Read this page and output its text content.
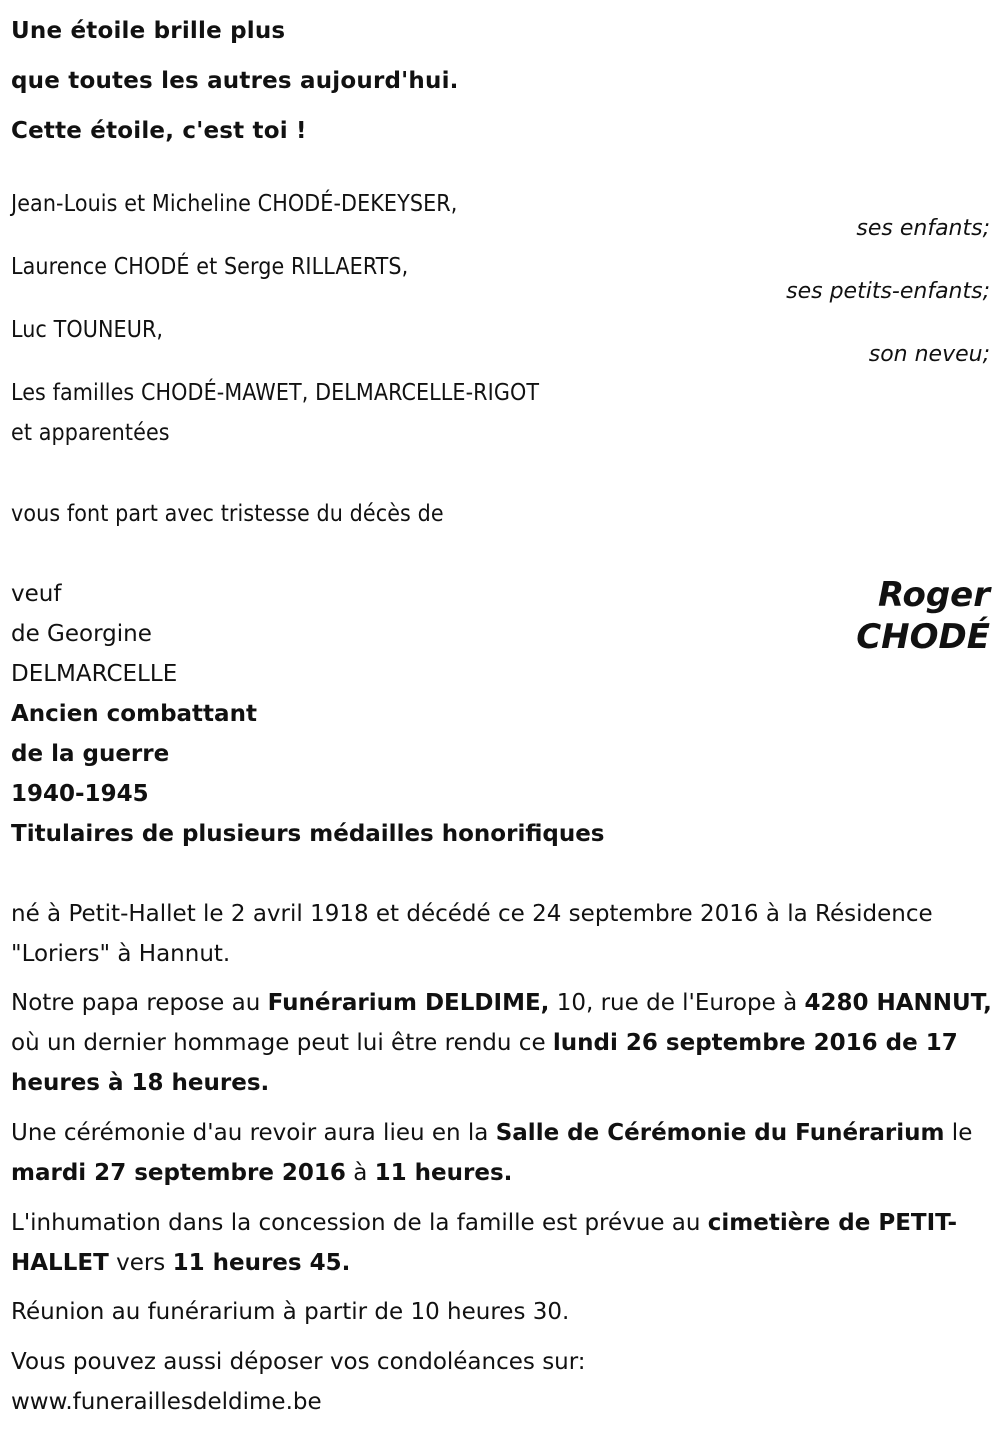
Une étoile brille plus
que toutes les autres aujourd'hui.
Cette étoile, c'est toi !
Jean-Louis et Micheline CHODÉ-DEKEYSER,
ses enfants;
Laurence CHODÉ et Serge RILLAERTS,
ses petits-enfants;
Luc TOUNEUR,
son neveu;
Les familles CHODÉ-MAWET, DELMARCELLE-RIGOT
et apparentées
vous font part avec tristesse du décès de
veuf
de Georgine
DELMARCELLE
Ancien combattant
de la guerre
1940-1945
Titulaires de plusieurs médailles honorifiques
Roger
CHODÉ
né à Petit-Hallet le 2 avril 1918 et décédé ce 24 septembre 2016 à la Résidence "Loriers" à Hannut.
Notre papa repose au Funérarium DELDIME, 10, rue de l'Europe à 4280 HANNUT, où un dernier hommage peut lui être rendu ce lundi 26 septembre 2016 de 17 heures à 18 heures.
Une cérémonie d'au revoir aura lieu en la Salle de Cérémonie du Funérarium le mardi 27 septembre 2016 à 11 heures.
L'inhumation dans la concession de la famille est prévue au cimetière de PETIT-HALLET vers 11 heures 45.
Réunion au funérarium à partir de 10 heures 30.
Vous pouvez aussi déposer vos condoléances sur:
www.funeraillesdeldime.be
